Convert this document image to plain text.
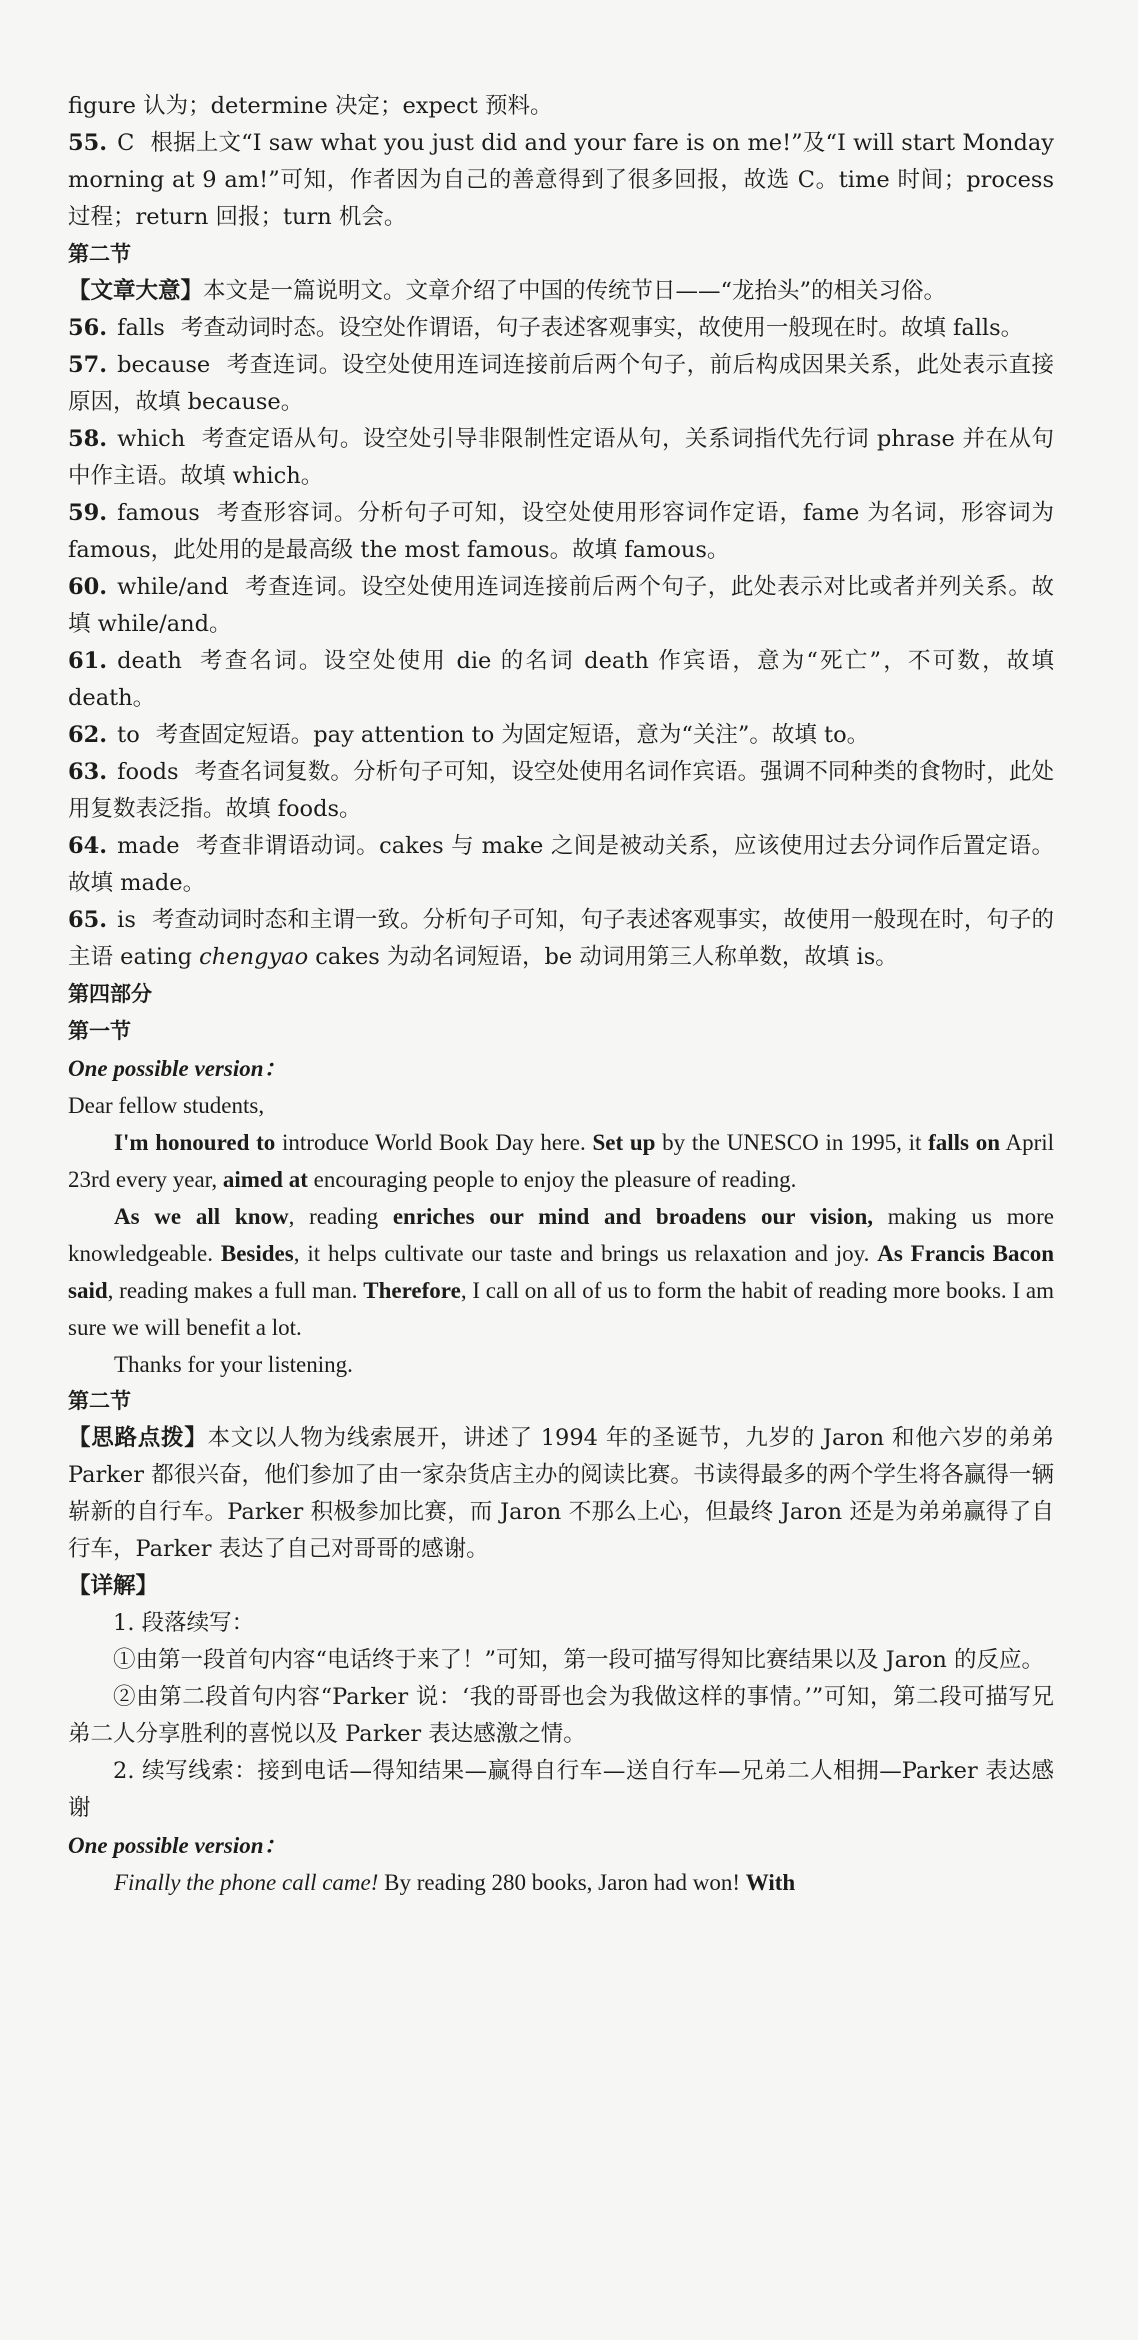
figure 认为；determine 决定；expect 预料。

55. C 根据上文“I saw what you just did and your fare is on me!”及“I will start Monday morning at 9 am!”可知，作者因为自己的善意得到了很多回报，故选 C。time 时间；process 过程；return 回报；turn 机会。

第二节

【文章大意】本文是一篇说明文。文章介绍了中国的传统节日——“龙抬头”的相关习俗。

56. falls 考查动词时态。设空处作谓语，句子表述客观事实，故使用一般现在时。故填 falls。

57. because 考查连词。设空处使用连词连接前后两个句子，前后构成因果关系，此处表示直接原因，故填 because。

58. which 考查定语从句。设空处引导非限制性定语从句，关系词指代先行词 phrase 并在从句中作主语。故填 which。

59. famous 考查形容词。分析句子可知，设空处使用形容词作定语，fame 为名词，形容词为 famous，此处用的是最高级 the most famous。故填 famous。

60. while/and 考查连词。设空处使用连词连接前后两个句子，此处表示对比或者并列关系。故填 while/and。

61. death 考查名词。设空处使用 die 的名词 death 作宾语，意为“死亡”，不可数，故填 death。

62. to 考查固定短语。pay attention to 为固定短语，意为“关注”。故填 to。

63. foods 考查名词复数。分析句子可知，设空处使用名词作宾语。强调不同种类的食物时，此处用复数表泛指。故填 foods。

64. made 考查非谓语动词。cakes 与 make 之间是被动关系，应该使用过去分词作后置定语。故填 made。

65. is 考查动词时态和主谓一致。分析句子可知，句子表述客观事实，故使用一般现在时，句子的主语 eating chengyao cakes 为动名词短语，be 动词用第三人称单数，故填 is。

第四部分

第一节

One possible version：

Dear fellow students,

I'm honoured to introduce World Book Day here. Set up by the UNESCO in 1995, it falls on April 23rd every year, aimed at encouraging people to enjoy the pleasure of reading.

As we all know, reading enriches our mind and broadens our vision, making us more knowledgeable. Besides, it helps cultivate our taste and brings us relaxation and joy. As Francis Bacon said, reading makes a full man. Therefore, I call on all of us to form the habit of reading more books. I am sure we will benefit a lot.

Thanks for your listening.

第二节

【思路点拨】本文以人物为线索展开，讲述了 1994 年的圣诞节，九岁的 Jaron 和他六岁的弟弟 Parker 都很兴奋，他们参加了由一家杂货店主办的阅读比赛。书读得最多的两个学生将各赢得一辆崭新的自行车。Parker 积极参加比赛，而 Jaron 不那么上心，但最终 Jaron 还是为弟弟赢得了自行车，Parker 表达了自己对哥哥的感谢。

【详解】

1. 段落续写：

①由第一段首句内容“电话终于来了！”可知，第一段可描写得知比赛结果以及 Jaron 的反应。

②由第二段首句内容“Parker 说：‘我的哥哥也会为我做这样的事情。’”可知，第二段可描写兄弟二人分享胜利的喜悦以及 Parker 表达感激之情。

2. 续写线索：接到电话—得知结果—赢得自行车—送自行车—兄弟二人相拥—Parker 表达感谢

One possible version：

Finally the phone call came! By reading 280 books, Jaron had won! With
